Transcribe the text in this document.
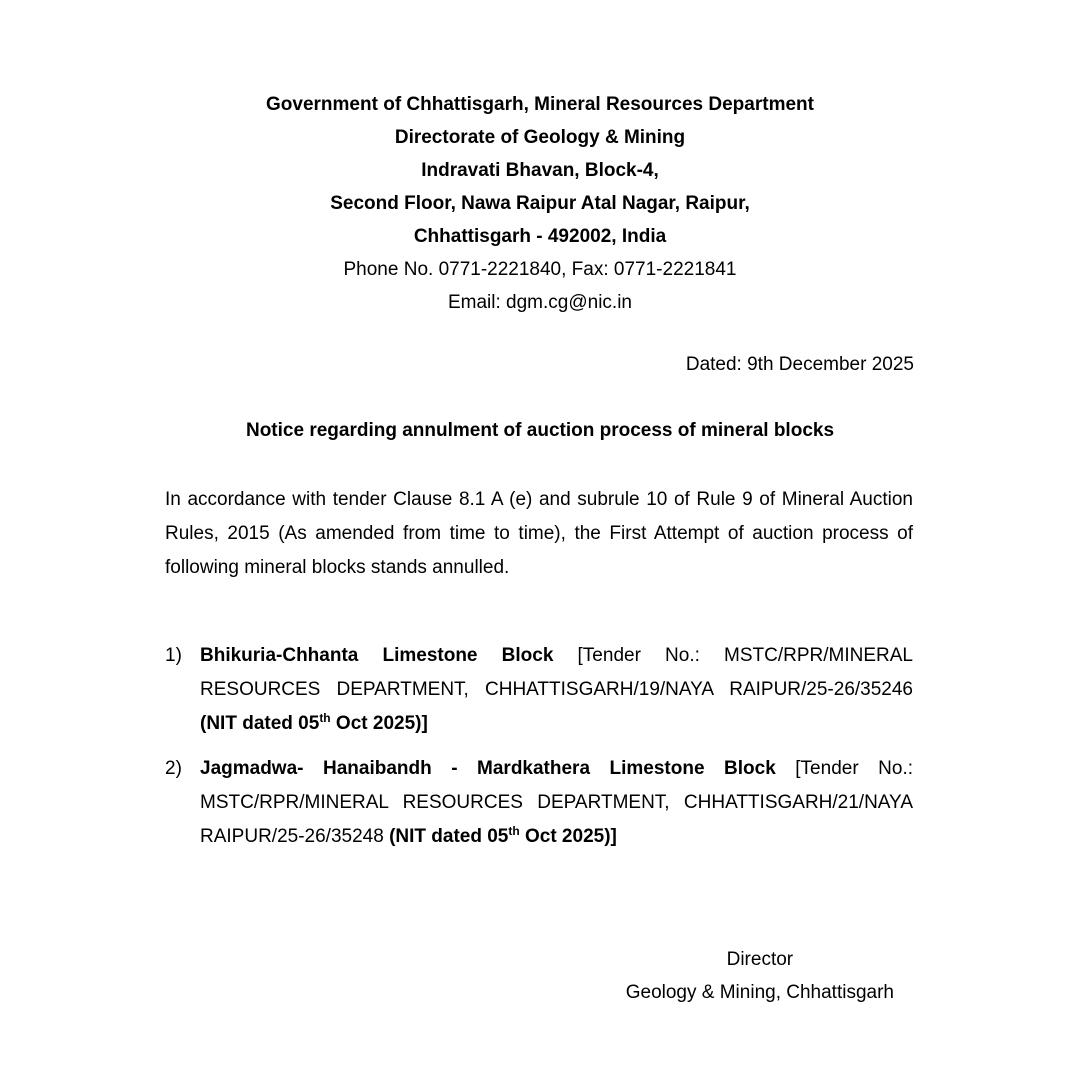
Government of Chhattisgarh, Mineral Resources Department
Directorate of Geology & Mining
Indravati Bhavan, Block-4,
Second Floor, Nawa Raipur Atal Nagar, Raipur,
Chhattisgarh - 492002, India
Phone No. 0771-2221840, Fax: 0771-2221841
Email: dgm.cg@nic.in
Dated: 9th December 2025
Notice regarding annulment of auction process of mineral blocks
In accordance with tender Clause 8.1 A (e) and subrule 10 of Rule 9 of Mineral Auction Rules, 2015 (As amended from time to time), the First Attempt of auction process of following mineral blocks stands annulled.
1) Bhikuria-Chhanta Limestone Block [Tender No.: MSTC/RPR/MINERAL RESOURCES DEPARTMENT, CHHATTISGARH/19/NAYA RAIPUR/25-26/35246 (NIT dated 05th Oct 2025)]
2) Jagmadwa- Hanaibandh - Mardkathera Limestone Block [Tender No.: MSTC/RPR/MINERAL RESOURCES DEPARTMENT, CHHATTISGARH/21/NAYA RAIPUR/25-26/35248 (NIT dated 05th Oct 2025)]
Director
Geology & Mining, Chhattisgarh
